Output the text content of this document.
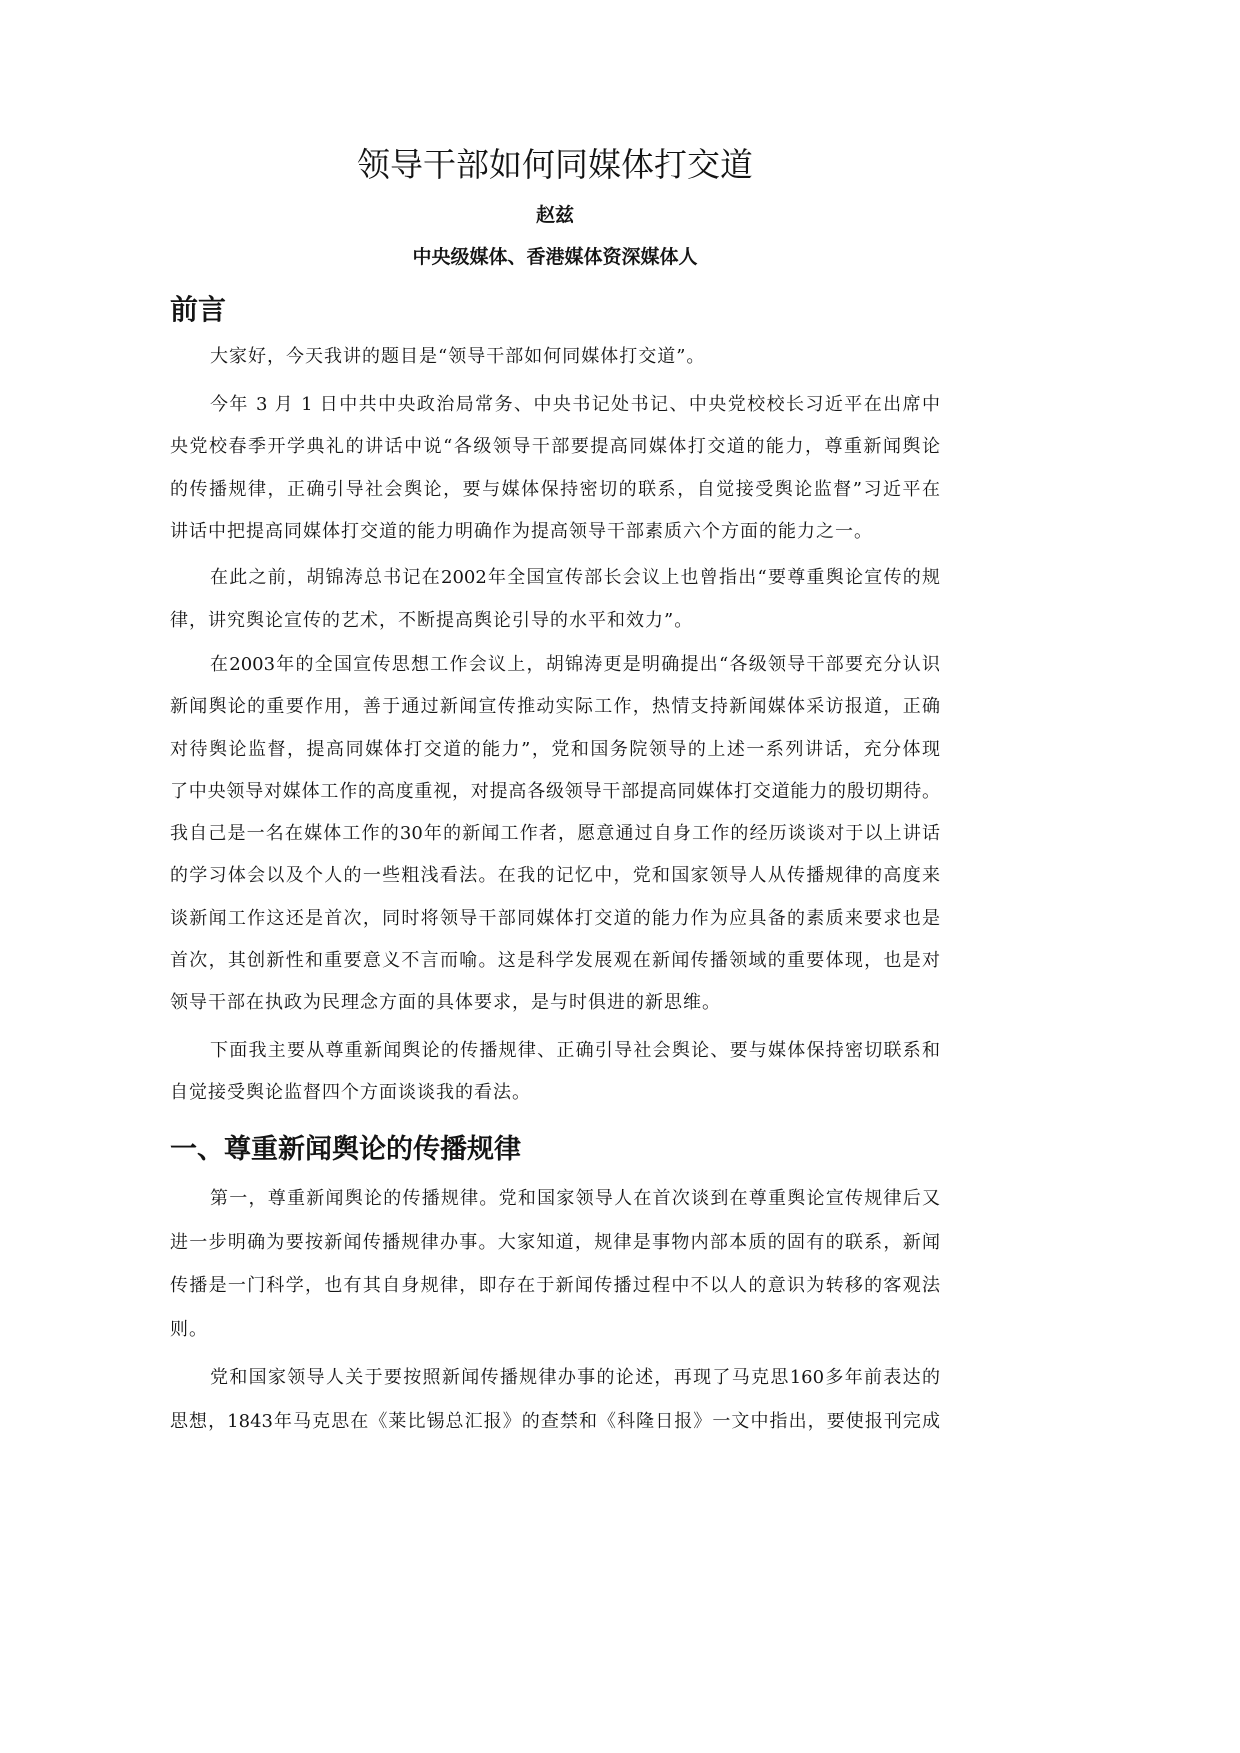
领导干部如何同媒体打交道
赵兹
中央级媒体、香港媒体资深媒体人
前言
大家好，今天我讲的题目是“领导干部如何同媒体打交道”。
今年 3 月 1 日中共中央政治局常务、中央书记处书记、中央党校校长习近平在出席中
央党校春季开学典礼的讲话中说“各级领导干部要提高同媒体打交道的能力，尊重新闻舆论
的传播规律，正确引导社会舆论，要与媒体保持密切的联系，自觉接受舆论监督”习近平在
讲话中把提高同媒体打交道的能力明确作为提高领导干部素质六个方面的能力之一。
在此之前，胡锦涛总书记在2002年全国宣传部长会议上也曾指出“要尊重舆论宣传的规
律，讲究舆论宣传的艺术，不断提高舆论引导的水平和效力”。
在2003年的全国宣传思想工作会议上，胡锦涛更是明确提出“各级领导干部要充分认识
新闻舆论的重要作用，善于通过新闻宣传推动实际工作，热情支持新闻媒体采访报道，正确
对待舆论监督，提高同媒体打交道的能力”，党和国务院领导的上述一系列讲话，充分体现
了中央领导对媒体工作的高度重视，对提高各级领导干部提高同媒体打交道能力的殷切期待。
我自己是一名在媒体工作的30年的新闻工作者，愿意通过自身工作的经历谈谈对于以上讲话
的学习体会以及个人的一些粗浅看法。在我的记忆中，党和国家领导人从传播规律的高度来
谈新闻工作这还是首次，同时将领导干部同媒体打交道的能力作为应具备的素质来要求也是
首次，其创新性和重要意义不言而喻。这是科学发展观在新闻传播领域的重要体现，也是对
领导干部在执政为民理念方面的具体要求，是与时俱进的新思维。
下面我主要从尊重新闻舆论的传播规律、正确引导社会舆论、要与媒体保持密切联系和
自觉接受舆论监督四个方面谈谈我的看法。
一、尊重新闻舆论的传播规律
第一，尊重新闻舆论的传播规律。党和国家领导人在首次谈到在尊重舆论宣传规律后又
进一步明确为要按新闻传播规律办事。大家知道，规律是事物内部本质的固有的联系，新闻
传播是一门科学，也有其自身规律，即存在于新闻传播过程中不以人的意识为转移的客观法
则。
党和国家领导人关于要按照新闻传播规律办事的论述，再现了马克思160多年前表达的
思想，1843年马克思在《莱比锡总汇报》的查禁和《科隆日报》一文中指出，要使报刊完成
